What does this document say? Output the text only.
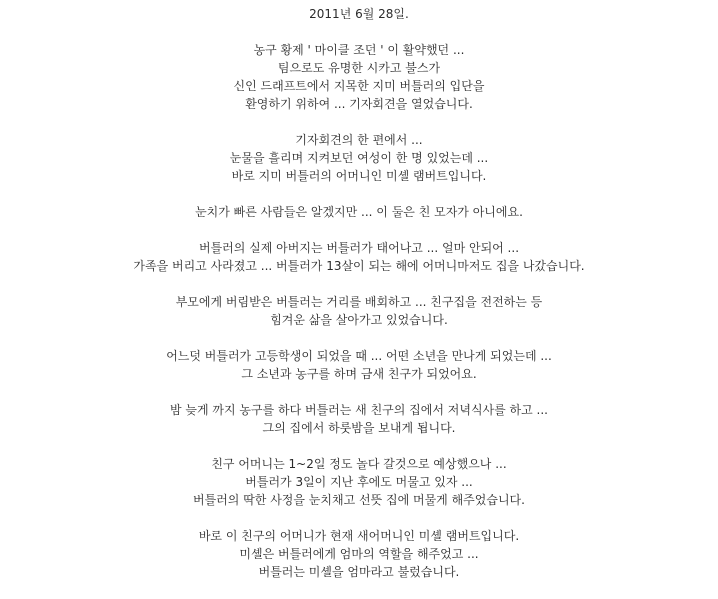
2011년 6월 28일.
농구 황제 ' 마이클 조던 ' 이 활약했던 ...
팀으로도 유명한 시카고 불스가
신인 드래프트에서 지목한 지미 버틀러의 입단을
환영하기 위하여 ... 기자회견을 열었습니다.
기자회견의 한 편에서 ...
눈물을 흘리며 지켜보던 여성이 한 명 있었는데 ...
바로 지미 버틀러의 어머니인 미셸 램버트입니다.
눈치가 빠른 사람들은 알겠지만 ... 이 둘은 친 모자가 아니에요.
버틀러의 실제 아버지는 버틀러가 태어나고 ... 얼마 안되어 ...
가족을 버리고 사라졌고 ... 버틀러가 13살이 되는 해에 어머니마저도 집을 나갔습니다.
부모에게 버림받은 버틀러는 거리를 배회하고 ... 친구집을 전전하는 등
힘겨운 삶을 살아가고 있었습니다.
어느덧 버틀러가 고등학생이 되었을 때 ... 어떤 소년을 만나게 되었는데 ...
그 소년과 농구를 하며 금새 친구가 되었어요.
밤 늦게 까지 농구를 하다 버틀러는 새 친구의 집에서 저녁식사를 하고 ...
그의 집에서 하룻밤을 보내게 됩니다.
친구 어머니는 1~2일 정도 놀다 갈것으로 예상했으나 ...
버틀러가 3일이 지난 후에도 머물고 있자 ...
버틀러의 딱한 사정을 눈치채고 선뜻 집에 머물게 해주었습니다.
바로 이 친구의 어머니가 현재 새어머니인 미셸 램버트입니다.
미셸은 버틀러에게 엄마의 역할을 해주었고 ...
버틀러는 미셸을 엄마라고 불렀습니다.
